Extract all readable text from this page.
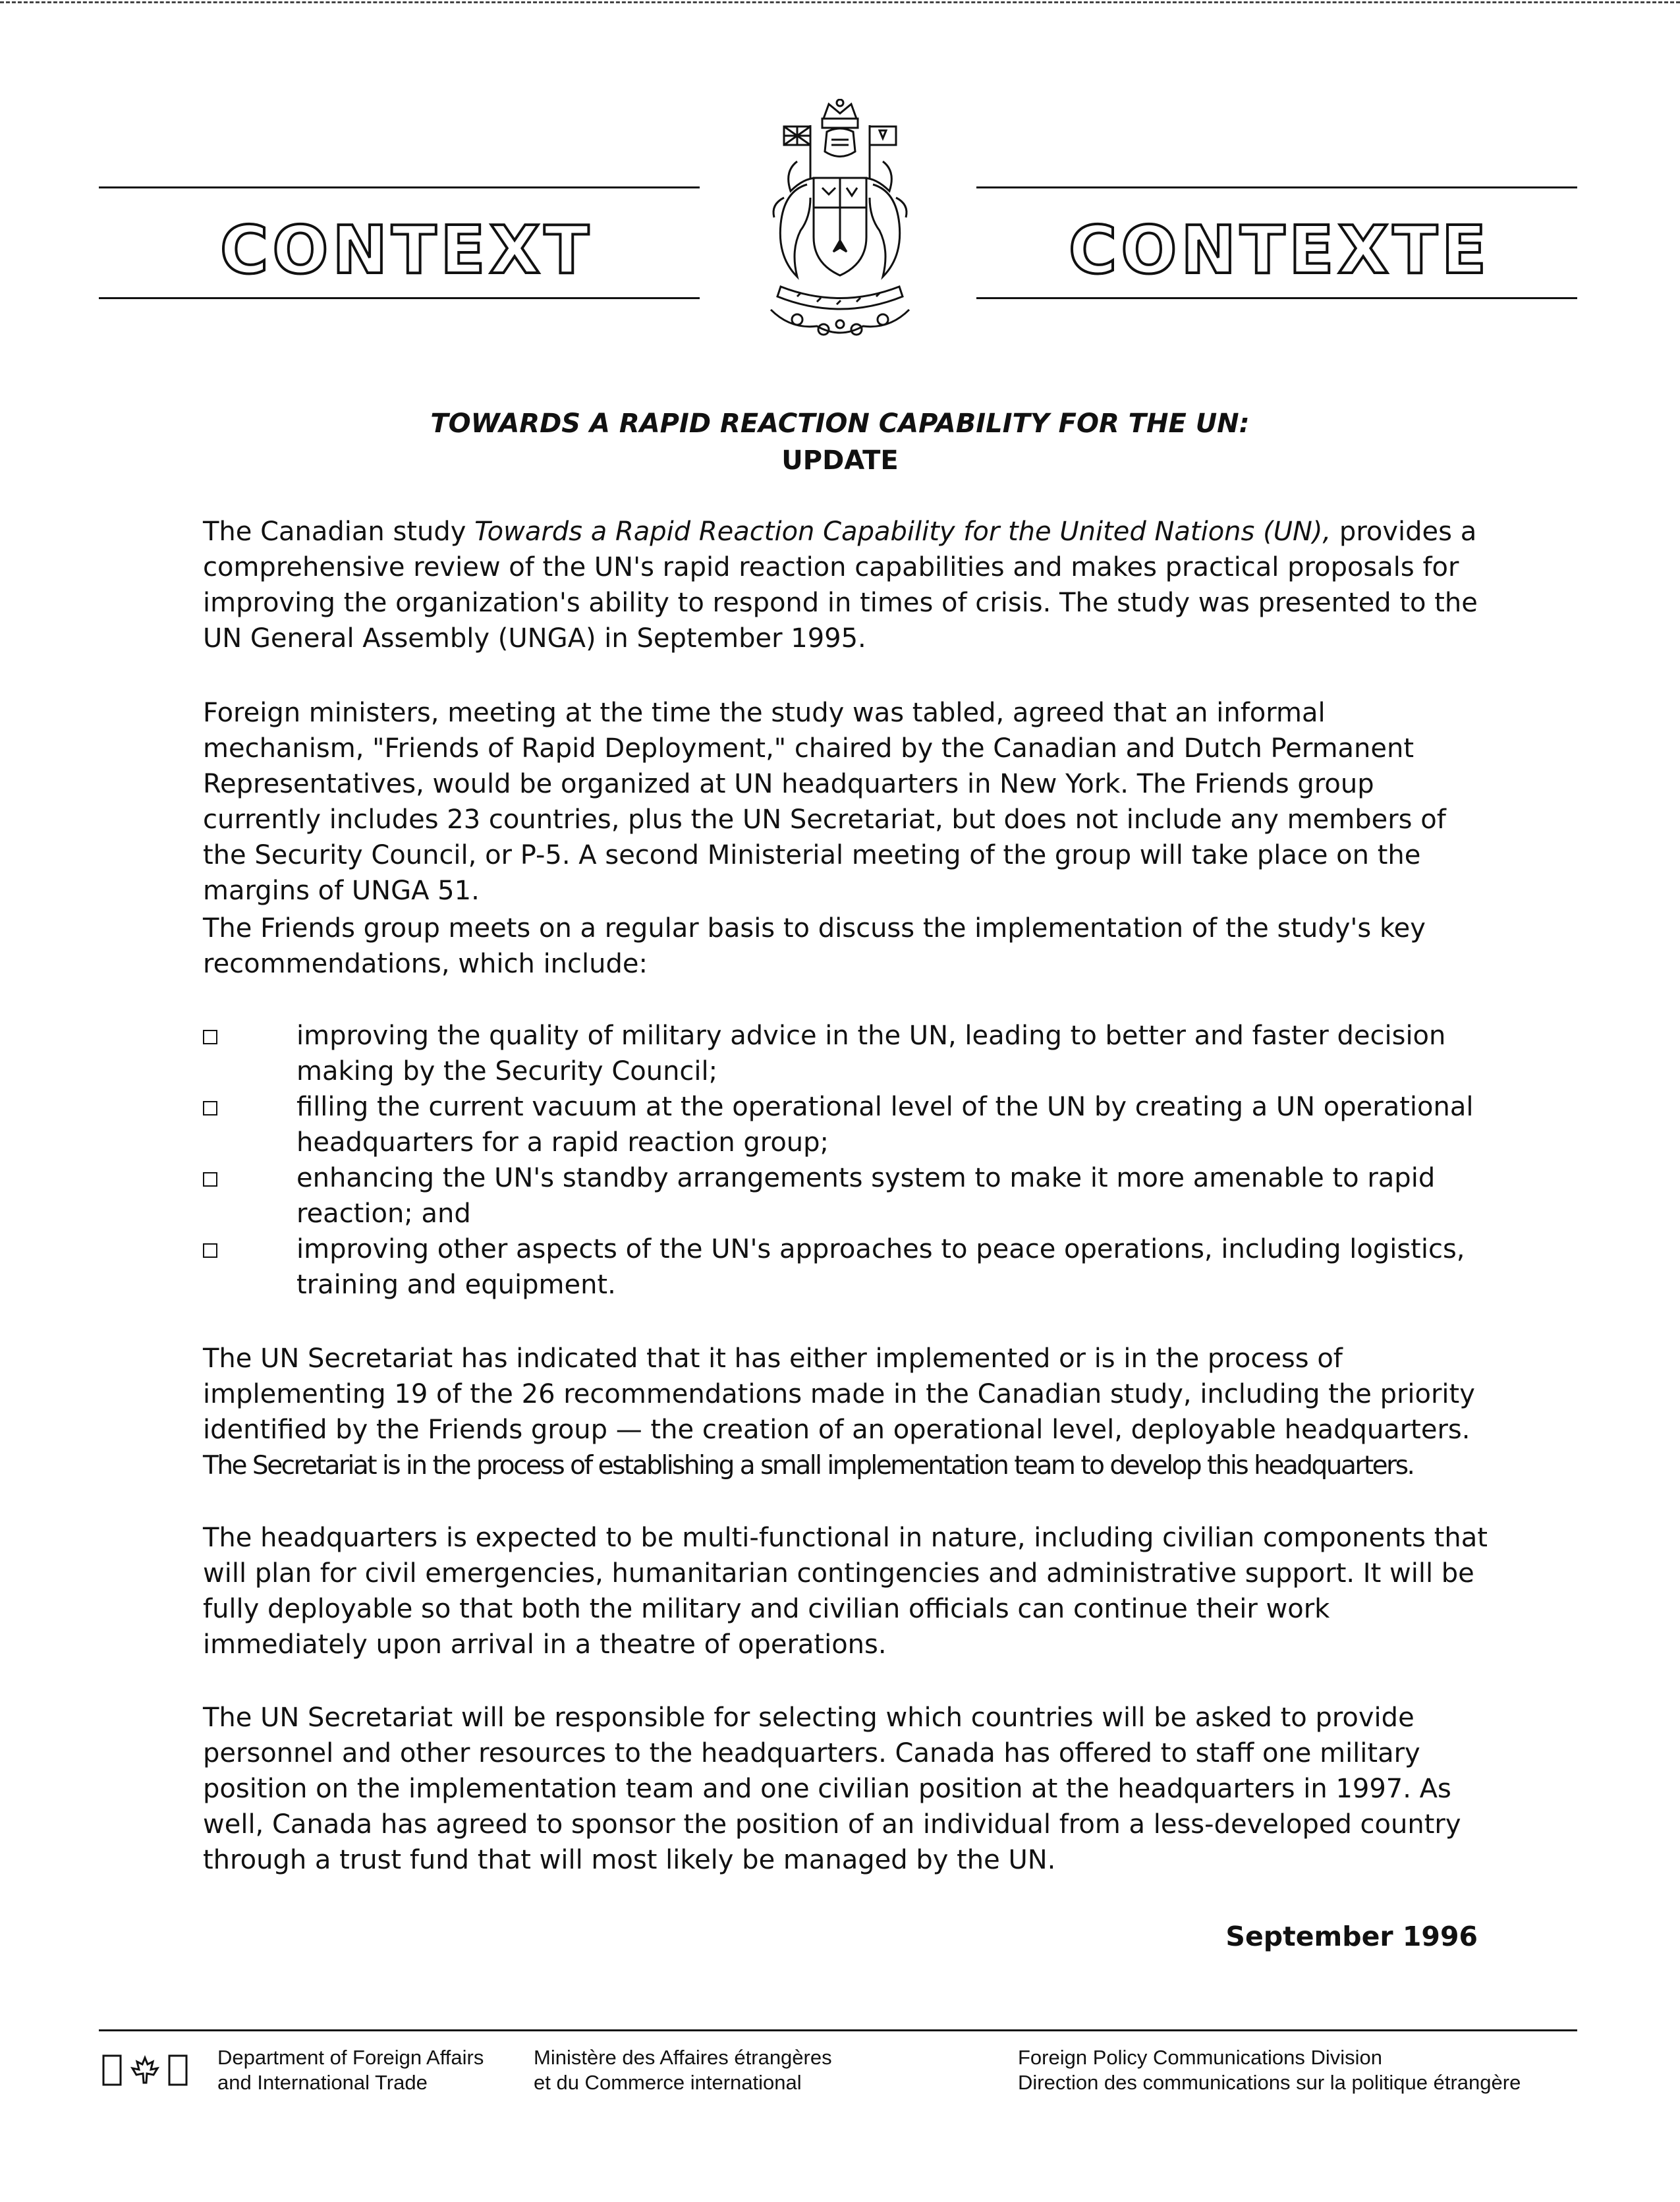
CONTEXT	CONTEXTE
TOWARDS A RAPID REACTION CAPABILITY FOR THE UN:
UPDATE

The Canadian study Towards a Rapid Reaction Capability for the United Nations (UN), provides a comprehensive review of the UN's rapid reaction capabilities and makes practical proposals for improving the organization's ability to respond in times of crisis. The study was presented to the UN General Assembly (UNGA) in September 1995.

Foreign ministers, meeting at the time the study was tabled, agreed that an informal mechanism, "Friends of Rapid Deployment," chaired by the Canadian and Dutch Permanent Representatives, would be organized at UN headquarters in New York. The Friends group currently includes 23 countries, plus the UN Secretariat, but does not include any members of the Security Council, or P-5. A second Ministerial meeting of the group will take place on the margins of UNGA 51.

The Friends group meets on a regular basis to discuss the implementation of the study's key recommendations, which include:

improving the quality of military advice in the UN, leading to better and faster decision making by the Security Council;
filling the current vacuum at the operational level of the UN by creating a UN operational headquarters for a rapid reaction group;
enhancing the UN's standby arrangements system to make it more amenable to rapid reaction; and
improving other aspects of the UN's approaches to peace operations, including logistics, training and equipment.

The UN Secretariat has indicated that it has either implemented or is in the process of implementing 19 of the 26 recommendations made in the Canadian study, including the priority identified by the Friends group — the creation of an operational level, deployable headquarters. The Secretariat is in the process of establishing a small implementation team to develop this headquarters.

The headquarters is expected to be multi-functional in nature, including civilian components that will plan for civil emergencies, humanitarian contingencies and administrative support. It will be fully deployable so that both the military and civilian officials can continue their work immediately upon arrival in a theatre of operations.

The UN Secretariat will be responsible for selecting which countries will be asked to provide personnel and other resources to the headquarters. Canada has offered to staff one military position on the implementation team and one civilian position at the headquarters in 1997. As well, Canada has agreed to sponsor the position of an individual from a less-developed country through a trust fund that will most likely be managed by the UN.

September 1996
Department of Foreign Affairs
and International Trade
Ministère des Affaires étrangères
et du Commerce international
Foreign Policy Communications Division
Direction des communications sur la politique étrangère
